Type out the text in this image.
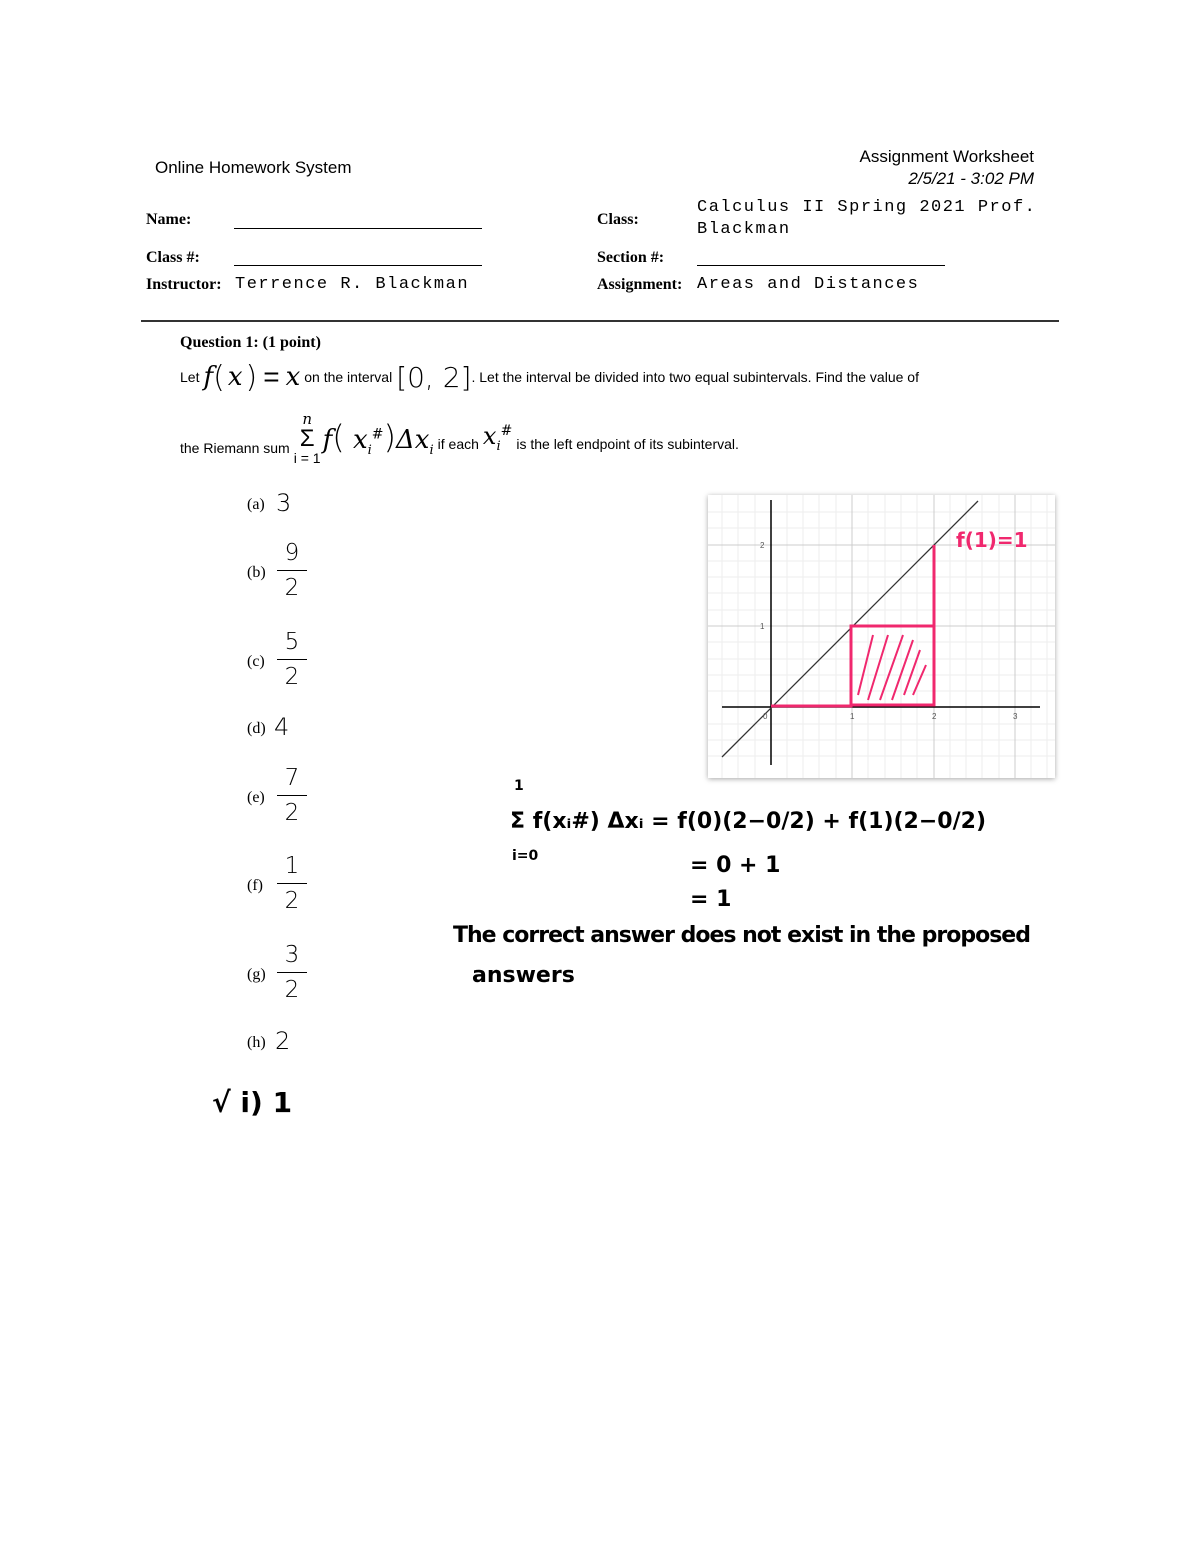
Online Homework System
Assignment Worksheet
2/5/21 - 3:02 PM
Name:	Class:
Calculus II Spring 2021 Prof.
Blackman
Class #:	Section #:
Instructor: Terrence R. Blackman	Assignment: Areas and Distances
Question 1: (1 point)
Let f ( x ) = x on the interval [0, 2] . Let the interval be divided into two equal subintervals. Find the value of
the Riemann sum
n
Σ
i = 1
f( $x_i^{\#})\Delta x_i$ if each $x_i^{\#}$
is the left endpoint of its subinterval.
(a) 3
(b)
9
2
(c)
5
2
(d) 4
(e)
7
2
(f)
1
2
(g)
3
2
(h) 2
√ i) 1
0	1	2	3
1
2	f(1)=1
1
i=0
Σ f(xᵢ#) Δxᵢ = f(0)(2−0/2) + f(1)(2−0/2)
= 0 + 1
= 1
The correct answer does not exist in the proposed
answers
